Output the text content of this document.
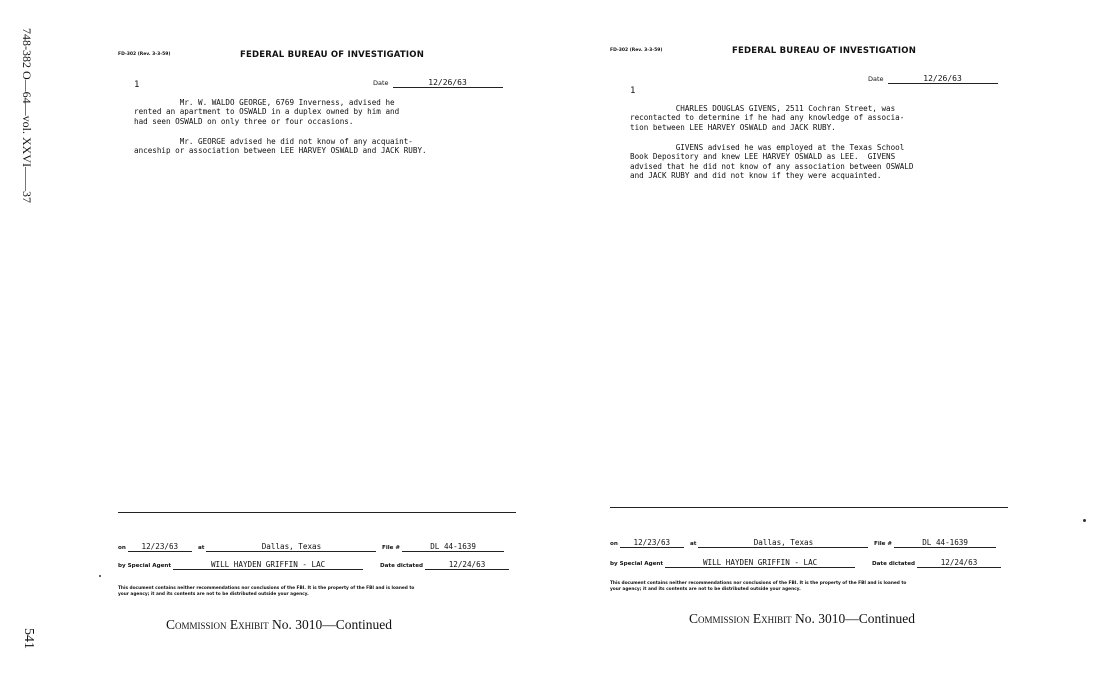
748-382 O—64—vol. XXVI——37
541
FD-302 (Rev. 3-3-59)	FEDERAL BUREAU OF INVESTIGATION
1	Date	12/26/63
Mr. W. WALDO GEORGE, 6769 Inverness, advised he
rented an apartment to OSWALD in a duplex owned by him and
had seen OSWALD on only three or four occasions.
Mr. GEORGE advised he did not know of any acquaint-
anceship or association between LEE HARVEY OSWALD and JACK RUBY.
on 12/23/63	at	Dallas, Texas	File #	DL 44-1639
by Special Agent	WILL HAYDEN GRIFFIN - LAC	Date dictated	12/24/63
This document contains neither recommendations nor conclusions of the FBI. It is the property of the FBI and is loaned to
your agency; it and its contents are not to be distributed outside your agency.
FD-302 (Rev. 3-3-59)	FEDERAL BUREAU OF INVESTIGATION
1
Date	12/26/63
CHARLES DOUGLAS GIVENS, 2511 Cochran Street, was
recontacted to determine if he had any knowledge of associa-
tion between LEE HARVEY OSWALD and JACK RUBY.
GIVENS advised he was employed at the Texas School
Book Depository and knew LEE HARVEY OSWALD as LEE.  GIVENS
advised that he did not know of any association between OSWALD
and JACK RUBY and did not know if they were acquainted.
on 12/23/63	at	Dallas, Texas	File #	DL 44-1639
by Special Agent	WILL HAYDEN GRIFFIN - LAC	Date dictated	12/24/63
This document contains neither recommendations nor conclusions of the FBI. It is the property of the FBI and is loaned to
your agency; it and its contents are not to be distributed outside your agency.
Commission Exhibit No. 3010—Continued	Commission Exhibit No. 3010—Continued
